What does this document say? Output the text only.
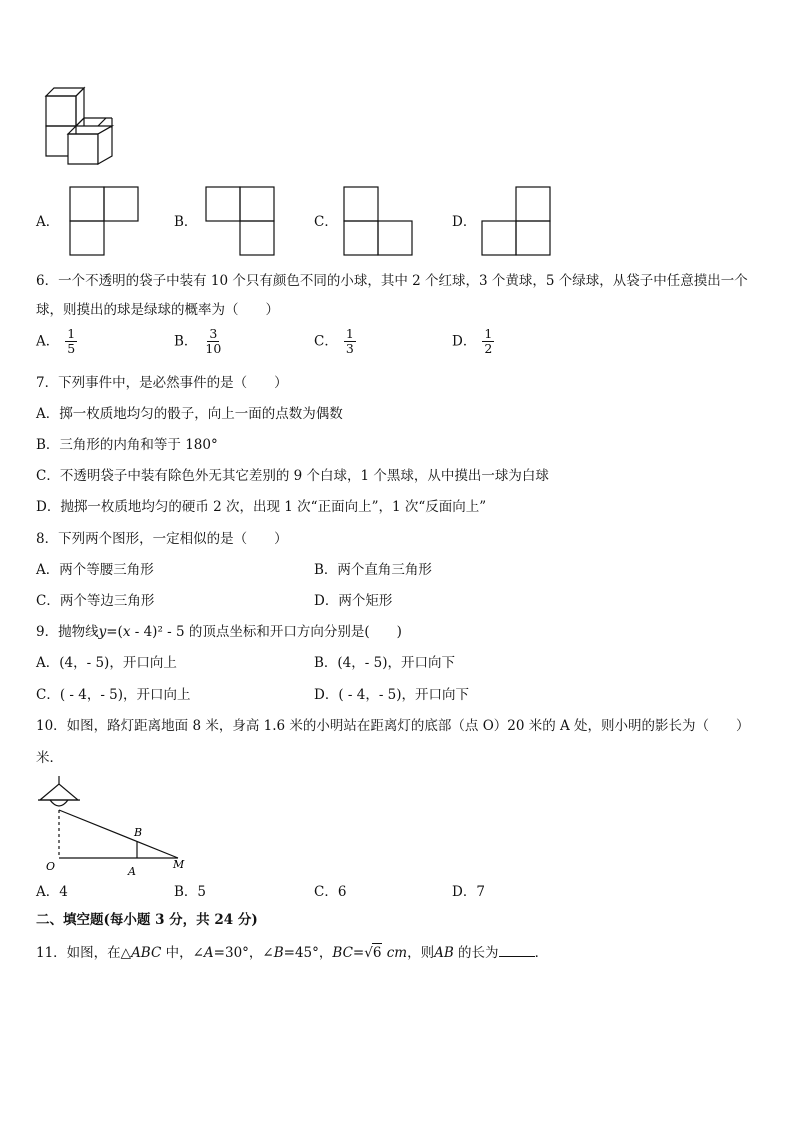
A．	B．	C．	D．
6．一个不透明的袋子中装有 10 个只有颜色不同的小球，其中 2 个红球，3 个黄球，5 个绿球，从袋子中任意摸出一个
球，则摸出的球是绿球的概率为（　　）
A． $\frac{1}{5}$	B． $\frac{3}{10}$	C． $\frac{1}{3}$	D． $\frac{1}{2}$
7．下列事件中，是必然事件的是（　　）
A．掷一枚质地均匀的骰子，向上一面的点数为偶数
B．三角形的内角和等于 180°
C．不透明袋子中装有除色外无其它差别的 9 个白球，1 个黑球，从中摸出一球为白球
D．抛掷一枚质地均匀的硬币 2 次，出现 1 次“正面向上”，1 次“反面向上”
8．下列两个图形，一定相似的是（　　）
A．两个等腰三角形	B．两个直角三角形
C．两个等边三角形	D．两个矩形
9．抛物线y=(x - 4)² - 5 的顶点坐标和开口方向分别是(　　)
A．(4，- 5)，开口向上	B．(4，- 5)，开口向下
C．( - 4，- 5)，开口向上	D．( - 4，- 5)，开口向下
10．如图，路灯距离地面 8 米，身高 1.6 米的小明站在距离灯的底部（点 O）20 米的 A 处，则小明的影长为（　　）
米．
B
O	A
M
A．4	B．5	C．6	D．7
二、填空题(每小题 3 分，共 24 分)
11．如图，在△ABC 中，∠A=30°，∠B=45°，BC=√6 cm，则AB 的长为	．
